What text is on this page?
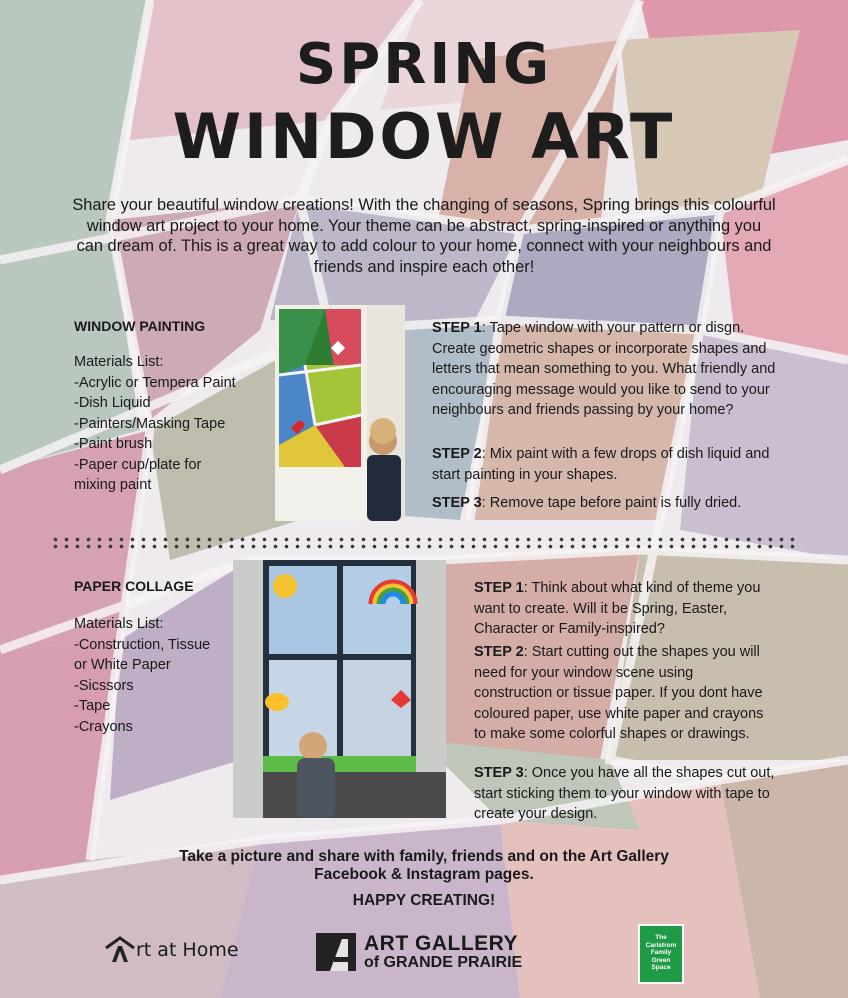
SPRING
WINDOW ART

Share your beautiful window creations! With the changing of seasons, Spring brings this colourful window art project to your home. Your theme can be abstract, spring-inspired or anything you can dream of. This is a great way to add colour to your home, connect with your neighbours and friends and inspire each other!

WINDOW PAINTING

Materials List:
-Acrylic or Tempera Paint
-Dish Liquid
-Painters/Masking Tape
-Paint brush
-Paper cup/plate for
mixing paint

STEP 1: Tape window with your pattern or disgn. Create geometric shapes or incorporate shapes and letters that mean something to you. What friendly and encouraging message would you like to send to your neighbours and friends passing by your home?

STEP 2: Mix paint with a few drops of dish liquid and start painting in your shapes.

STEP 3: Remove tape before paint is fully dried.

PAPER COLLAGE

Materials List:
-Construction, Tissue
or White Paper
-Sicssors
-Tape
-Crayons

STEP 1: Think about what kind of theme you want to create. Will it be Spring, Easter, Character or Family-inspired?

STEP 2: Start cutting out the shapes you will need for your window scene using construction or tissue paper. If you dont have coloured paper, use white paper and crayons to make some colorful shapes or drawings.

STEP 3: Once you have all the shapes cut out, start sticking them to your window with tape to create your design.

Take a picture and share with family, friends and on the Art Gallery

Facebook & Instagram pages.

HAPPY CREATING!

rt at Home	ART GALLERY
of GRANDE PRAIRIE
The
Carlstrom
Family
Green
Space
